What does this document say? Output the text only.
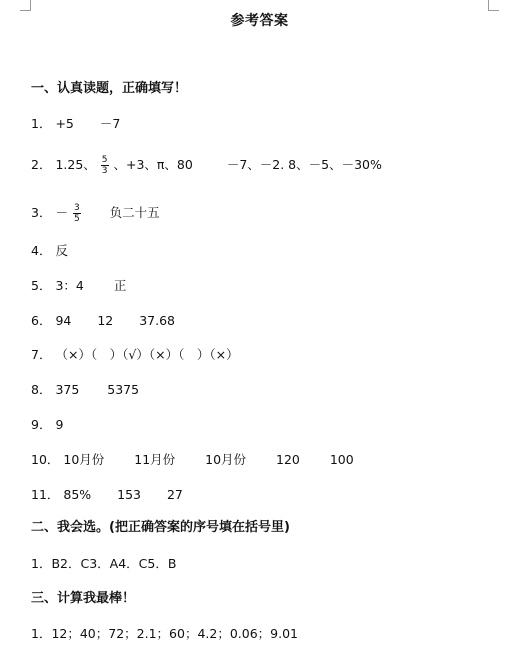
参考答案
一、认真读题，正确填写！
1． +5 －7
2． 1.25、 $\frac{5}{3}$ 、+3、π、80	－7、－2. 8、－5、－30%
3． － $\frac{3}{5}$ 负二十五
4． 反
5． 3：4 正
6． 94 12 37.68
7． （×）（　）（√）（×）（　）（×）
8． 375 5375
9． 9
10． 10月份 11月份 10月份 120 100
11． 85% 153 27
二、我会选。(把正确答案的序号填在括号里)
1．B2．C3．A4．C5．B
三、计算我最棒！
1．12；40；72；2.1；60；4.2；0.06；9.01
